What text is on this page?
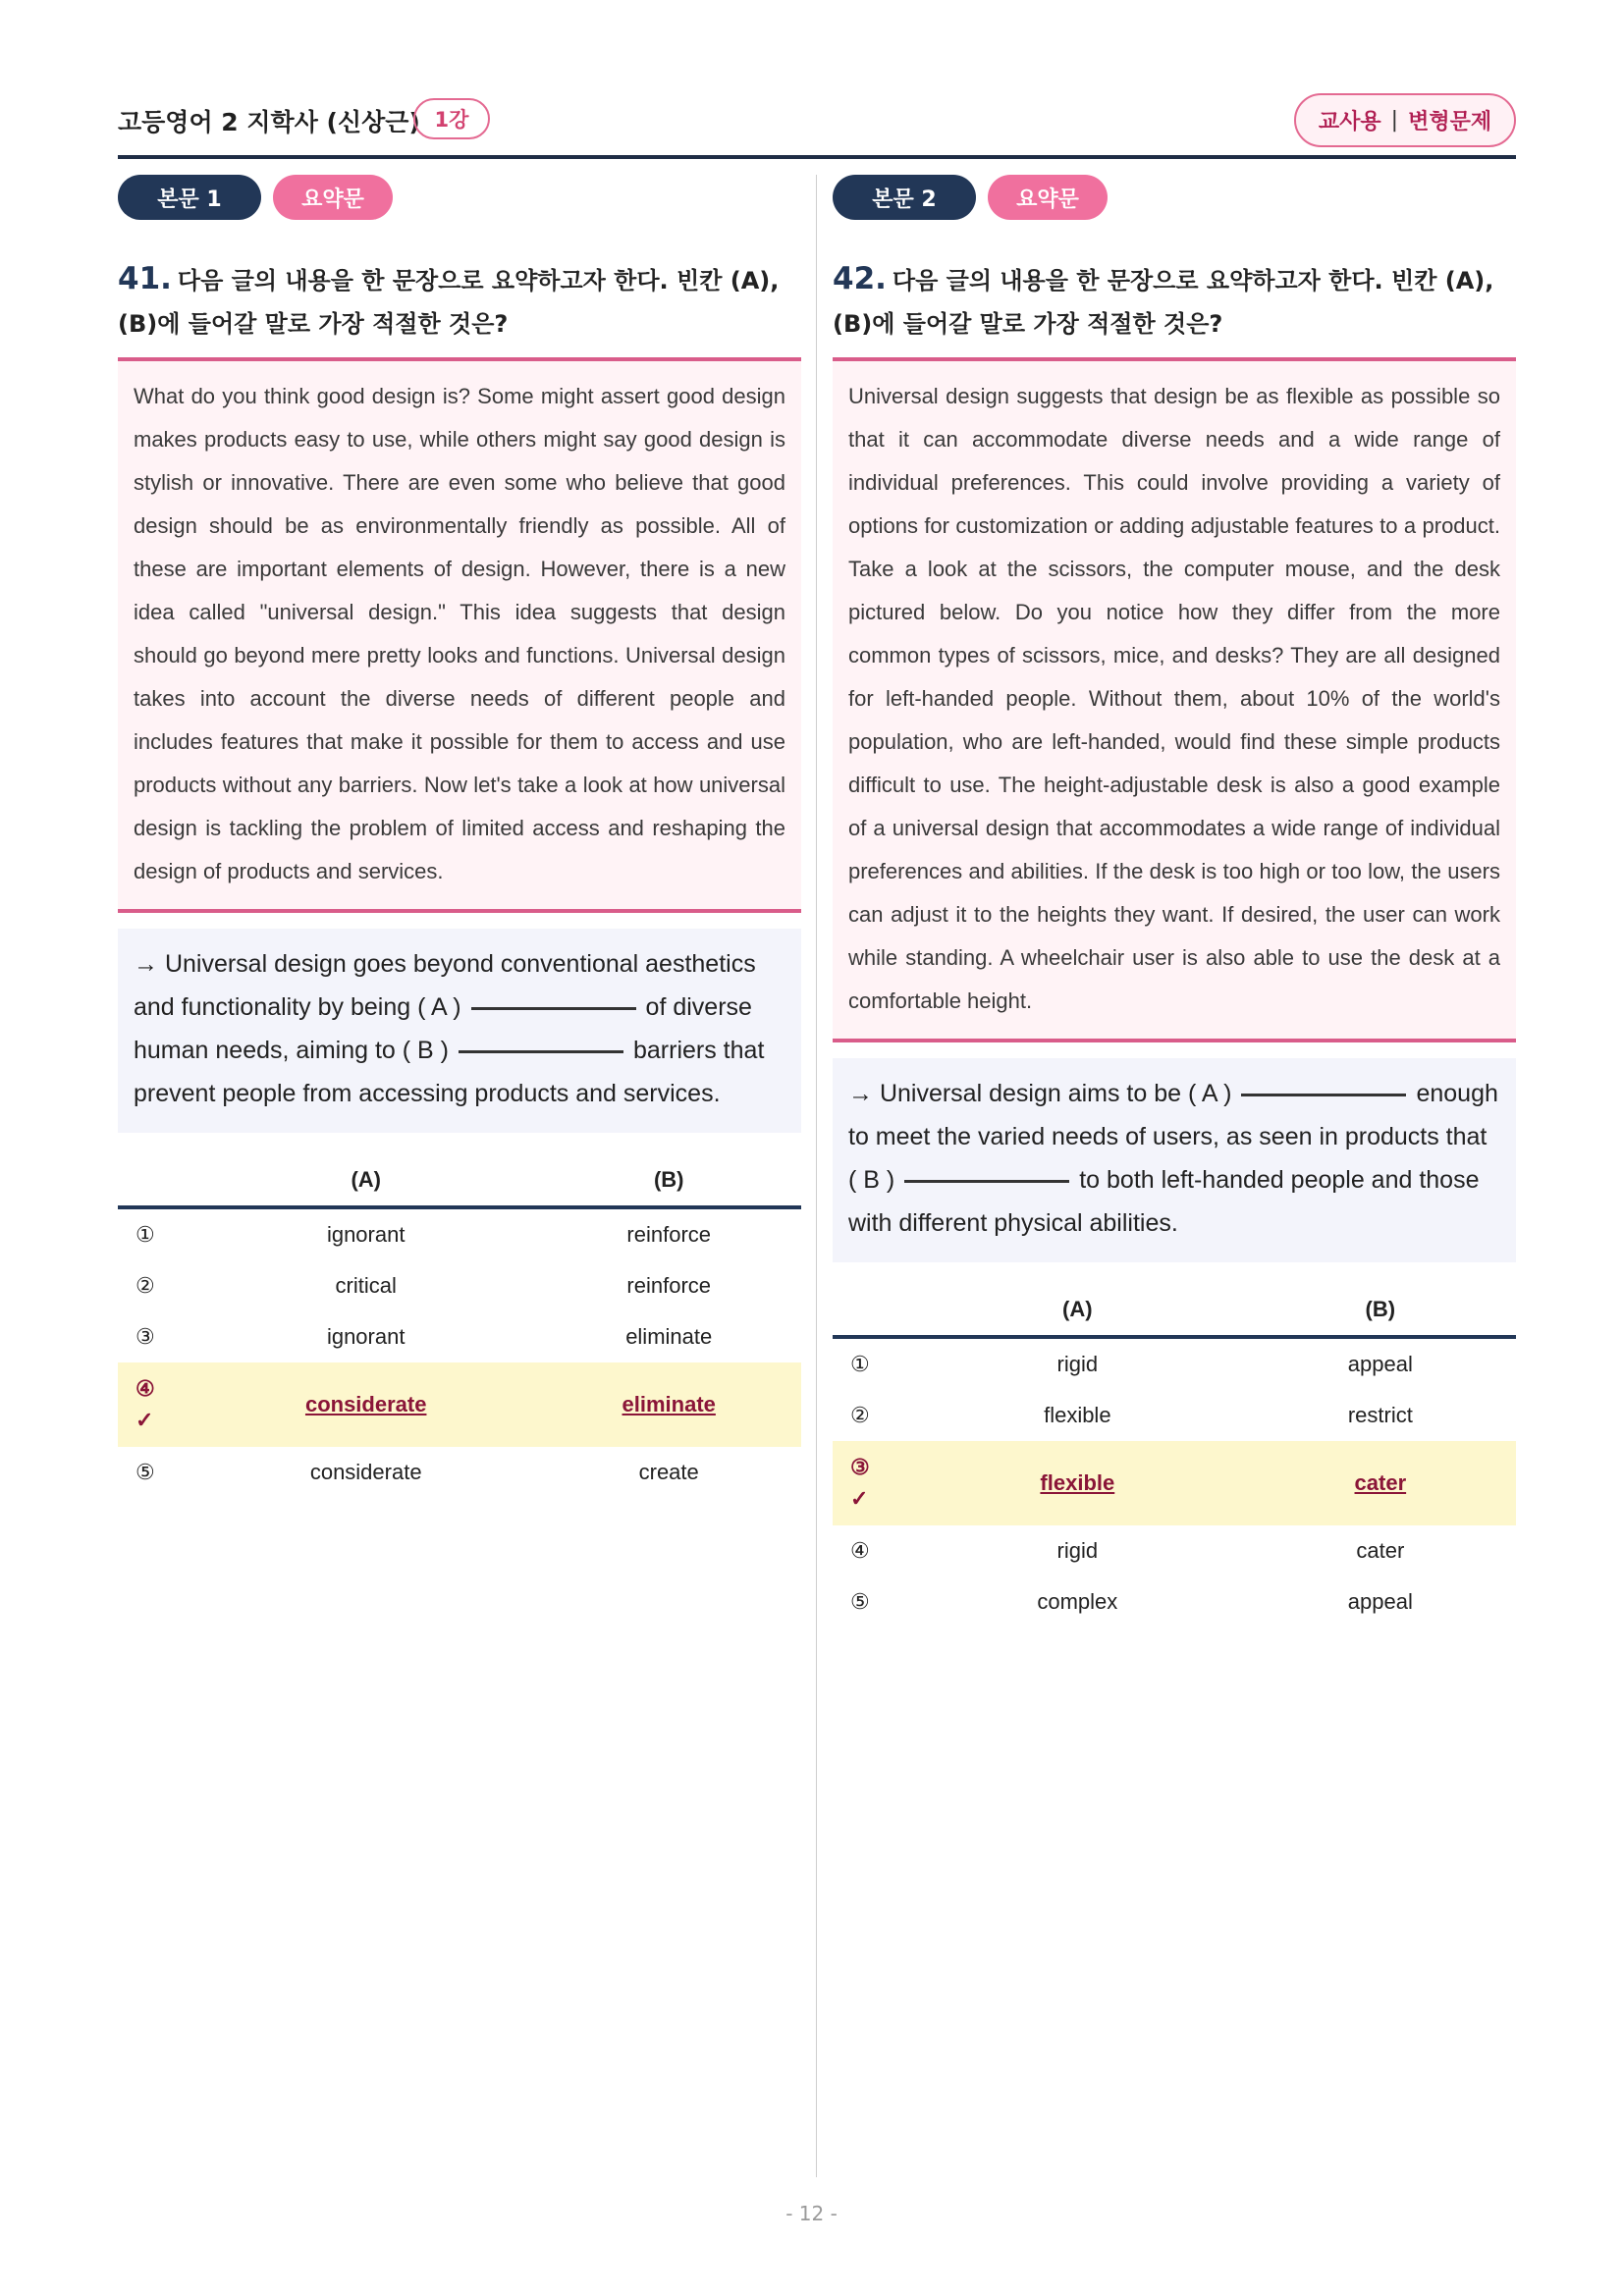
고등영어 2 지학사 (신상근) 1강	교사용 | 변형문제
본문 1	요약문
41. 다음 글의 내용을 한 문장으로 요약하고자 한다. 빈칸 (A), (B)에 들어갈 말로 가장 적절한 것은?
What do you think good design is? Some might assert good design makes products easy to use, while others might say good design is stylish or innovative. There are even some who believe that good design should be as environmentally friendly as possible. All of these are important elements of design. However, there is a new idea called "universal design." This idea suggests that design should go beyond mere pretty looks and functions. Universal design takes into account the diverse needs of different people and includes features that make it possible for them to access and use products without any barriers. Now let's take a look at how universal design is tackling the problem of limited access and reshaping the design of products and services.
→ Universal design goes beyond conventional aesthetics and functionality by being ( A )	of diverse human needs, aiming to ( B )	barriers that prevent people from accessing products and services.
	(A)	(B)
①	ignorant	reinforce
②	critical	reinforce
③	ignorant	eliminate
④
✓	considerate	eliminate
⑤	considerate	create
본문 2	요약문
42. 다음 글의 내용을 한 문장으로 요약하고자 한다. 빈칸 (A), (B)에 들어갈 말로 가장 적절한 것은?
Universal design suggests that design be as flexible as possible so that it can accommodate diverse needs and a wide range of individual preferences. This could involve providing a variety of options for customization or adding adjustable features to a product. Take a look at the scissors, the computer mouse, and the desk pictured below. Do you notice how they differ from the more common types of scissors, mice, and desks? They are all designed for left-handed people. Without them, about 10% of the world's population, who are left-handed, would find these simple products difficult to use. The height-adjustable desk is also a good example of a universal design that accommodates a wide range of individual preferences and abilities. If the desk is too high or too low, the users can adjust it to the heights they want. If desired, the user can work while standing. A wheelchair user is also able to use the desk at a comfortable height.
→ Universal design aims to be ( A )	enough to meet the varied needs of users, as seen in products that ( B )	to both left-handed people and those with different physical abilities.
	(A)	(B)
①	rigid	appeal
②	flexible	restrict
③
✓	flexible	cater
④	rigid	cater
⑤	complex	appeal
- 12 -
